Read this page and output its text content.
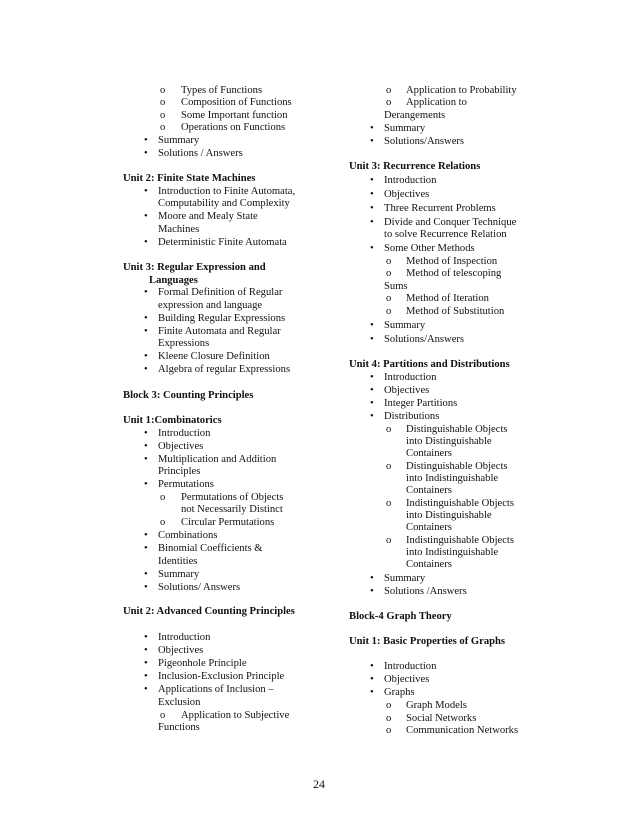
o Types of Functions
o Composition of Functions
o Some Important function
o Operations on Functions
• Summary
• Solutions / Answers
Unit 2: Finite State Machines
• Introduction to Finite Automata,
Computability and Complexity
• Moore and Mealy State
Machines
• Deterministic Finite Automata
Unit 3: Regular Expression and
Languages
• Formal Definition of Regular
expression and language
• Building Regular Expressions
• Finite Automata and Regular
Expressions
• Kleene Closure Definition
• Algebra of regular Expressions
Block 3: Counting Principles
Unit 1:Combinatorics
• Introduction
• Objectives
• Multiplication and Addition
Principles
• Permutations
o Permutations of Objects
not Necessarily Distinct
o Circular Permutations
• Combinations
• Binomial Coefficients &
Identities
• Summary
• Solutions/ Answers
Unit 2: Advanced Counting Principles
• Introduction
• Objectives
• Pigeonhole Principle
• Inclusion-Exclusion Principle
• Applications of Inclusion –
Exclusion
o Application to Subjective
Functions
o Application to Probability
o Application to
Derangements
• Summary
• Solutions/Answers
Unit 3: Recurrence Relations
• Introduction
• Objectives
• Three Recurrent Problems
• Divide and Conquer Technique
to solve Recurrence Relation
• Some Other Methods
o Method of Inspection
o Method of telescoping
Sums
o Method of Iteration
o Method of Substitution
• Summary
• Solutions/Answers
Unit 4: Partitions and Distributions
• Introduction
• Objectives
• Integer Partitions
• Distributions
o Distinguishable Objects
into Distinguishable
Containers
o Distinguishable Objects
into Indistinguishable
Containers
o Indistinguishable Objects
into Distinguishable
Containers
o Indistinguishable Objects
into Indistinguishable
Containers
• Summary
• Solutions /Answers
Block-4 Graph Theory
Unit 1: Basic Properties of Graphs
• Introduction
• Objectives
• Graphs
o Graph Models
o Social Networks
o Communication Networks
24
